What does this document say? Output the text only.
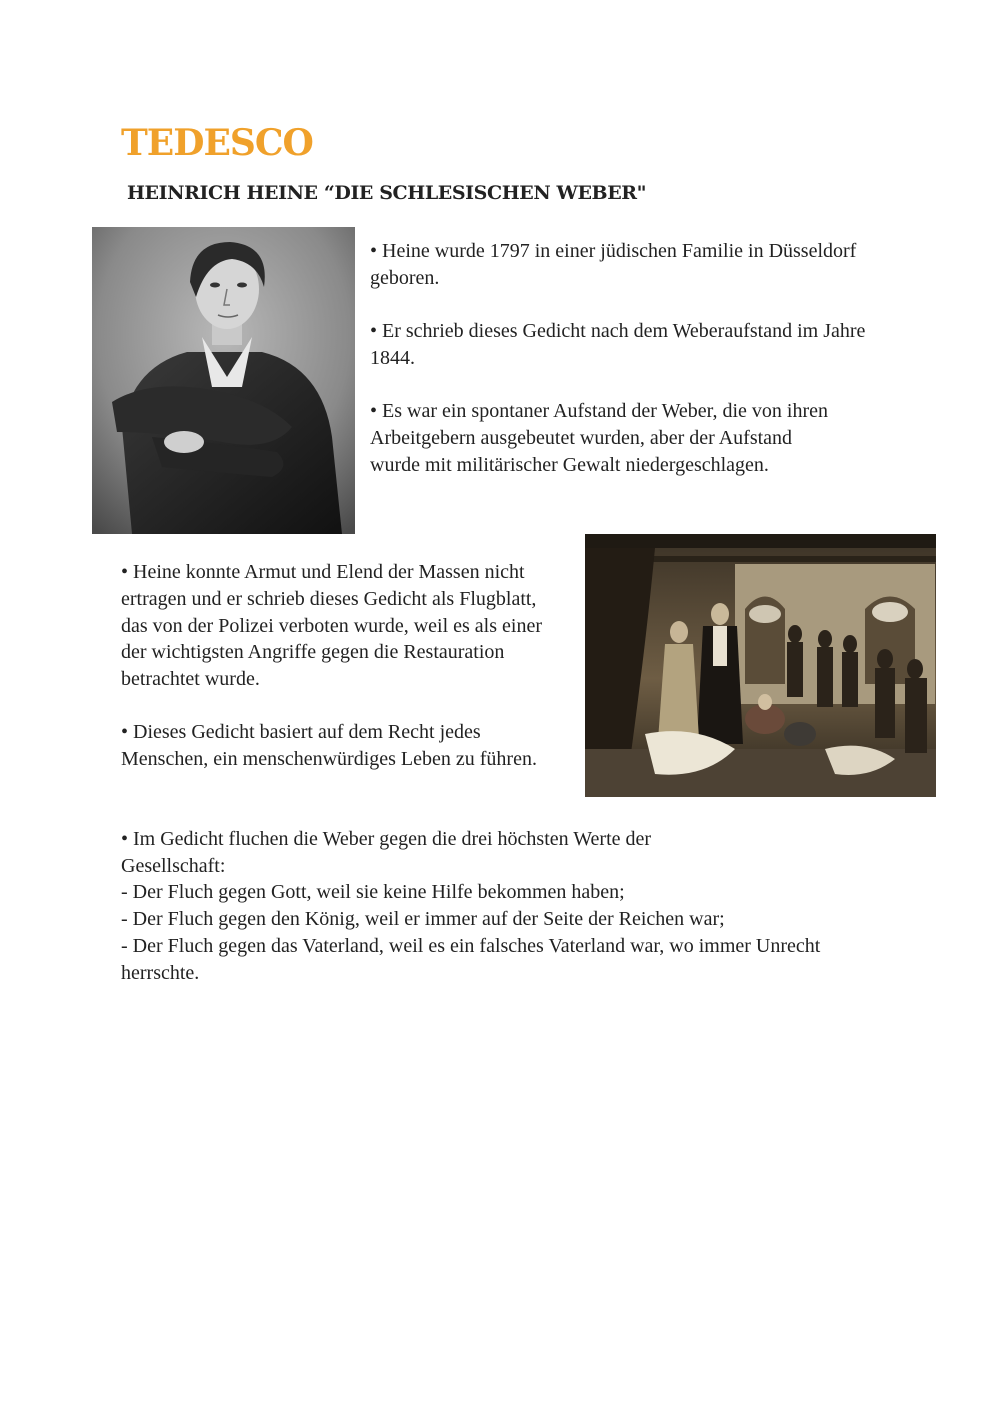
TEDESCO
HEINRICH HEINE “DIE SCHLESISCHEN WEBER"

• Heine wurde 1797 in einer jüdischen Familie in Düsseldorf geboren.

• Er schrieb dieses Gedicht nach dem Weberaufstand im Jahre 1844.

• Es war ein spontaner Aufstand der Weber, die von ihren Arbeitgebern ausgebeutet wurden, aber der Aufstand wurde mit militärischer Gewalt niedergeschlagen.

• Heine konnte Armut und Elend der Massen nicht ertragen und er schrieb dieses Gedicht als Flugblatt, das von der Polizei verboten wurde, weil es als einer der wichtigsten Angriffe gegen die Restauration betrachtet wurde.

• Dieses Gedicht basiert auf dem Recht jedes Menschen, ein menschenwürdiges Leben zu führen.

• Im Gedicht fluchen die Weber gegen die drei höchsten Werte der Gesellschaft:

- Der Fluch gegen Gott, weil sie keine Hilfe bekommen haben;

- Der Fluch gegen den König, weil er immer auf der Seite der Reichen war;

- Der Fluch gegen das Vaterland, weil es ein falsches Vaterland war, wo immer Unrecht herrschte.
